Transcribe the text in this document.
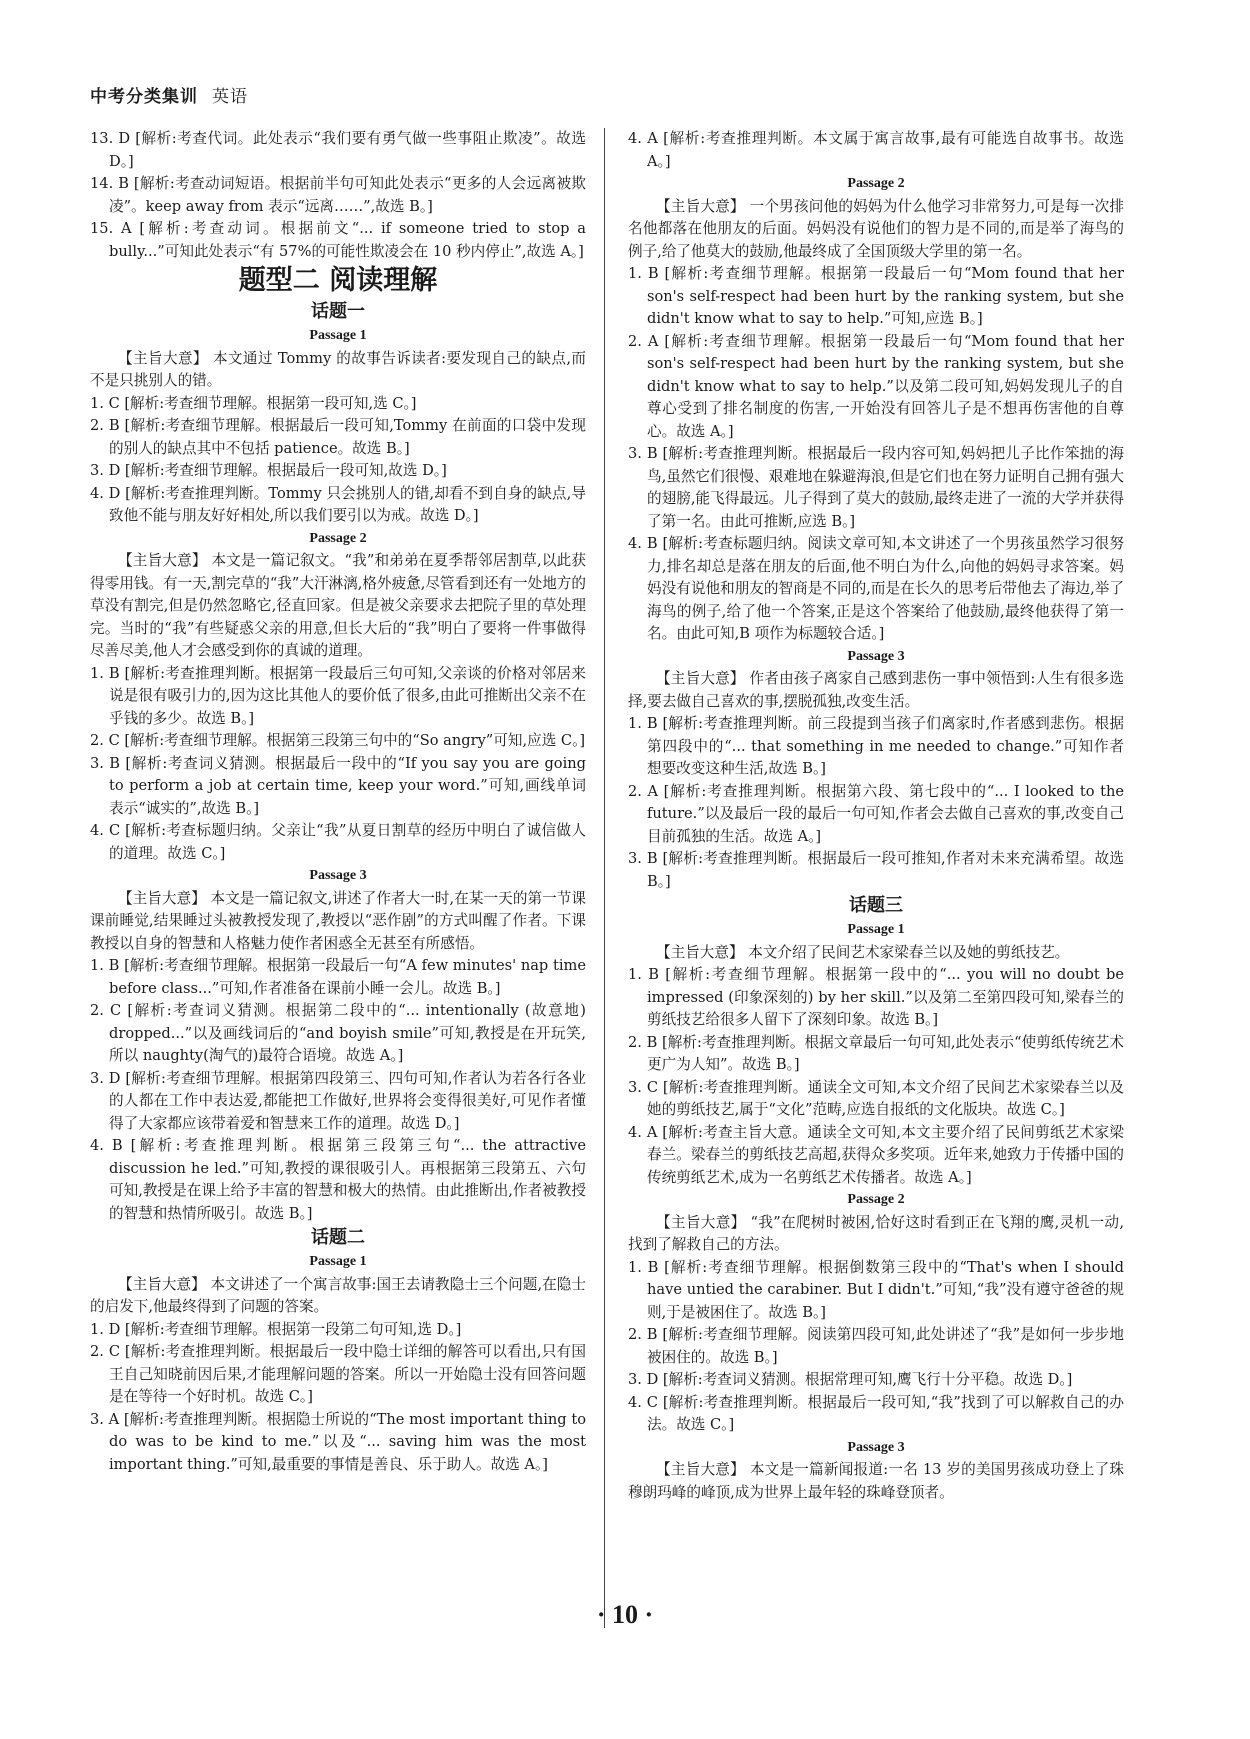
中考分类集训 英语

13. D [解析:考查代词。此处表示“我们要有勇气做一些事阻止欺凌”。故选 D。]

14. B [解析:考查动词短语。根据前半句可知此处表示“更多的人会远离被欺凌”。keep away from 表示“远离……”,故选 B。]

15. A [解析:考查动词。根据前文“... if someone tried to stop a bully...”可知此处表示“有 57%的可能性欺凌会在 10 秒内停止”,故选 A。]

题型二 阅读理解

话题一

Passage 1

【主旨大意】 本文通过 Tommy 的故事告诉读者:要发现自己的缺点,而不是只挑别人的错。

1. C [解析:考查细节理解。根据第一段可知,选 C。]

2. B [解析:考查细节理解。根据最后一段可知,Tommy 在前面的口袋中发现的别人的缺点其中不包括 patience。故选 B。]

3. D [解析:考查细节理解。根据最后一段可知,故选 D。]

4. D [解析:考查推理判断。Tommy 只会挑别人的错,却看不到自身的缺点,导致他不能与朋友好好相处,所以我们要引以为戒。故选 D。]

Passage 2

【主旨大意】 本文是一篇记叙文。“我”和弟弟在夏季帮邻居割草,以此获得零用钱。有一天,割完草的“我”大汗淋漓,格外疲惫,尽管看到还有一处地方的草没有割完,但是仍然忽略它,径直回家。但是被父亲要求去把院子里的草处理完。当时的“我”有些疑惑父亲的用意,但长大后的“我”明白了要将一件事做得尽善尽美,他人才会感受到你的真诚的道理。

1. B [解析:考查推理判断。根据第一段最后三句可知,父亲谈的价格对邻居来说是很有吸引力的,因为这比其他人的要价低了很多,由此可推断出父亲不在乎钱的多少。故选 B。]

2. C [解析:考查细节理解。根据第三段第三句中的“So angry”可知,应选 C。]

3. B [解析:考查词义猜测。根据最后一段中的“If you say you are going to perform a job at certain time, keep your word.”可知,画线单词表示“诚实的”,故选 B。]

4. C [解析:考查标题归纳。父亲让“我”从夏日割草的经历中明白了诚信做人的道理。故选 C。]

Passage 3

【主旨大意】 本文是一篇记叙文,讲述了作者大一时,在某一天的第一节课课前睡觉,结果睡过头被教授发现了,教授以“恶作剧”的方式叫醒了作者。下课教授以自身的智慧和人格魅力使作者困惑全无甚至有所感悟。

1. B [解析:考查细节理解。根据第一段最后一句“A few minutes' nap time before class...”可知,作者准备在课前小睡一会儿。故选 B。]

2. C [解析:考查词义猜测。根据第二段中的“... intentionally (故意地) dropped...”以及画线词后的“and boyish smile”可知,教授是在开玩笑,所以 naughty(淘气的)最符合语境。故选 A。]

3. D [解析:考查细节理解。根据第四段第三、四句可知,作者认为若各行各业的人都在工作中表达爱,都能把工作做好,世界将会变得很美好,可见作者懂得了大家都应该带着爱和智慧来工作的道理。故选 D。]

4. B [解析:考查推理判断。根据第三段第三句“... the attractive discussion he led.”可知,教授的课很吸引人。再根据第三段第五、六句可知,教授是在课上给予丰富的智慧和极大的热情。由此推断出,作者被教授的智慧和热情所吸引。故选 B。]

话题二

Passage 1

【主旨大意】 本文讲述了一个寓言故事:国王去请教隐士三个问题,在隐士的启发下,他最终得到了问题的答案。

1. D [解析:考查细节理解。根据第一段第二句可知,选 D。]

2. C [解析:考查推理判断。根据最后一段中隐士详细的解答可以看出,只有国王自己知晓前因后果,才能理解问题的答案。所以一开始隐士没有回答问题是在等待一个好时机。故选 C。]

3. A [解析:考查推理判断。根据隐士所说的“The most important thing to do was to be kind to me.”以及“... saving him was the most important thing.”可知,最重要的事情是善良、乐于助人。故选 A。]

4. A [解析:考查推理判断。本文属于寓言故事,最有可能选自故事书。故选 A。]

Passage 2

【主旨大意】 一个男孩问他的妈妈为什么他学习非常努力,可是每一次排名他都落在他朋友的后面。妈妈没有说他们的智力是不同的,而是举了海鸟的例子,给了他莫大的鼓励,他最终成了全国顶级大学里的第一名。

1. B [解析:考查细节理解。根据第一段最后一句“Mom found that her son's self-respect had been hurt by the ranking system, but she didn't know what to say to help.”可知,应选 B。]

2. A [解析:考查细节理解。根据第一段最后一句“Mom found that her son's self-respect had been hurt by the ranking system, but she didn't know what to say to help.”以及第二段可知,妈妈发现儿子的自尊心受到了排名制度的伤害,一开始没有回答儿子是不想再伤害他的自尊心。故选 A。]

3. B [解析:考查推理判断。根据最后一段内容可知,妈妈把儿子比作笨拙的海鸟,虽然它们很慢、艰难地在躲避海浪,但是它们也在努力证明自己拥有强大的翅膀,能飞得最远。儿子得到了莫大的鼓励,最终走进了一流的大学并获得了第一名。由此可推断,应选 B。]

4. B [解析:考查标题归纳。阅读文章可知,本文讲述了一个男孩虽然学习很努力,排名却总是落在朋友的后面,他不明白为什么,向他的妈妈寻求答案。妈妈没有说他和朋友的智商是不同的,而是在长久的思考后带他去了海边,举了海鸟的例子,给了他一个答案,正是这个答案给了他鼓励,最终他获得了第一名。由此可知,B 项作为标题较合适。]

Passage 3

【主旨大意】 作者由孩子离家自己感到悲伤一事中领悟到:人生有很多选择,要去做自己喜欢的事,摆脱孤独,改变生活。

1. B [解析:考查推理判断。前三段提到当孩子们离家时,作者感到悲伤。根据第四段中的“... that something in me needed to change.”可知作者想要改变这种生活,故选 B。]

2. A [解析:考查推理判断。根据第六段、第七段中的“... I looked to the future.”以及最后一段的最后一句可知,作者会去做自己喜欢的事,改变自己目前孤独的生活。故选 A。]

3. B [解析:考查推理判断。根据最后一段可推知,作者对未来充满希望。故选 B。]

话题三

Passage 1

【主旨大意】 本文介绍了民间艺术家梁春兰以及她的剪纸技艺。

1. B [解析:考查细节理解。根据第一段中的“... you will no doubt be impressed (印象深刻的) by her skill.”以及第二至第四段可知,梁春兰的剪纸技艺给很多人留下了深刻印象。故选 B。]

2. B [解析:考查推理判断。根据文章最后一句可知,此处表示“使剪纸传统艺术更广为人知”。故选 B。]

3. C [解析:考查推理判断。通读全文可知,本文介绍了民间艺术家梁春兰以及她的剪纸技艺,属于“文化”范畴,应选自报纸的文化版块。故选 C。]

4. A [解析:考查主旨大意。通读全文可知,本文主要介绍了民间剪纸艺术家梁春兰。梁春兰的剪纸技艺高超,获得众多奖项。近年来,她致力于传播中国的传统剪纸艺术,成为一名剪纸艺术传播者。故选 A。]

Passage 2

【主旨大意】 “我”在爬树时被困,恰好这时看到正在飞翔的鹰,灵机一动,找到了解救自己的方法。

1. B [解析:考查细节理解。根据倒数第三段中的“That's when I should have untied the carabiner. But I didn't.”可知,“我”没有遵守爸爸的规则,于是被困住了。故选 B。]

2. B [解析:考查细节理解。阅读第四段可知,此处讲述了“我”是如何一步步地被困住的。故选 B。]

3. D [解析:考查词义猜测。根据常理可知,鹰飞行十分平稳。故选 D。]

4. C [解析:考查推理判断。根据最后一段可知,“我”找到了可以解救自己的办法。故选 C。]

Passage 3

【主旨大意】 本文是一篇新闻报道:一名 13 岁的美国男孩成功登上了珠穆朗玛峰的峰顶,成为世界上最年轻的珠峰登顶者。

· 10 ·
